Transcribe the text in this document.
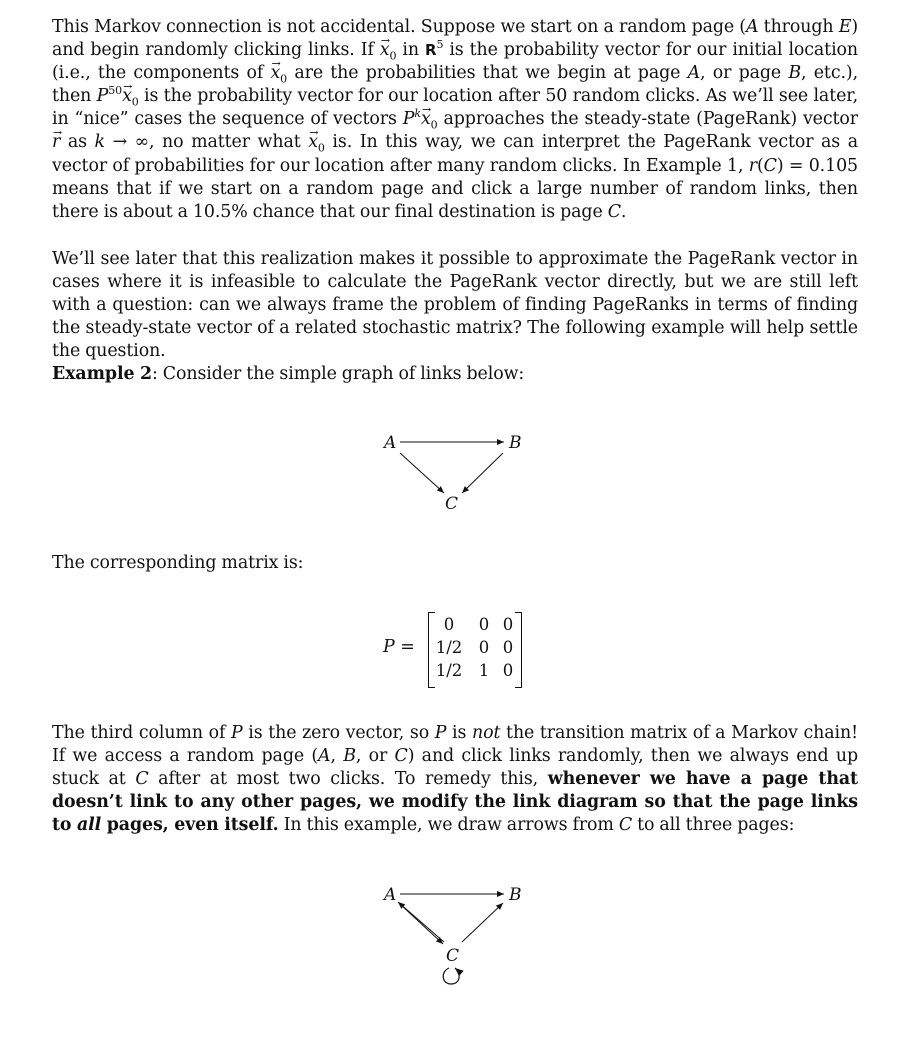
This Markov connection is not accidental. Suppose we start on a random page (A through E) and begin randomly clicking links. $If \to x_0$ in $R^5$ is the probability vector for our initial location (i.e., the components of → $x_0$ are the probabilities that we begin at page A, or page B, etc.), then $P^{50}\to x_0$ is the probability vector for our location after 50 random clicks. As we’ll see later, in “nice” cases the sequence of vectors $P^k\to x_0$ approaches the steady-state (PageRank) vector → r as k → ∞, no matter what → $x_0$ is. In this way, we can interpret the PageRank vector as a vector of probabilities for our location after many random clicks. In Example 1, r(C) = 0.105 means that if we start on a random page and click a large number of random links, then there is about a 10.5% chance that our final destination is page C.

We’ll see later that this realization makes it possible to approximate the PageRank vector in cases where it is infeasible to calculate the PageRank vector directly, but we are still left with a question: can we always frame the problem of finding PageRanks in terms of finding the steady-state vector of a related stochastic matrix? The following example will help settle the question.

Example 2: Consider the simple graph of links below:

The corresponding matrix is:

The third column of P is the zero vector, so P is not the transition matrix of a Markov chain! If we access a random page (A, B, or C) and click links randomly, then we always end up stuck at C after at most two clicks. To remedy this, whenever we have a page that doesn’t link to any other pages, we modify the link diagram so that the page links to all pages, even itself. In this example, we draw arrows from C to all three pages:

A	B
C
P =
0	0 0
1/2 0 0
1/2 1 0
A	B
C
